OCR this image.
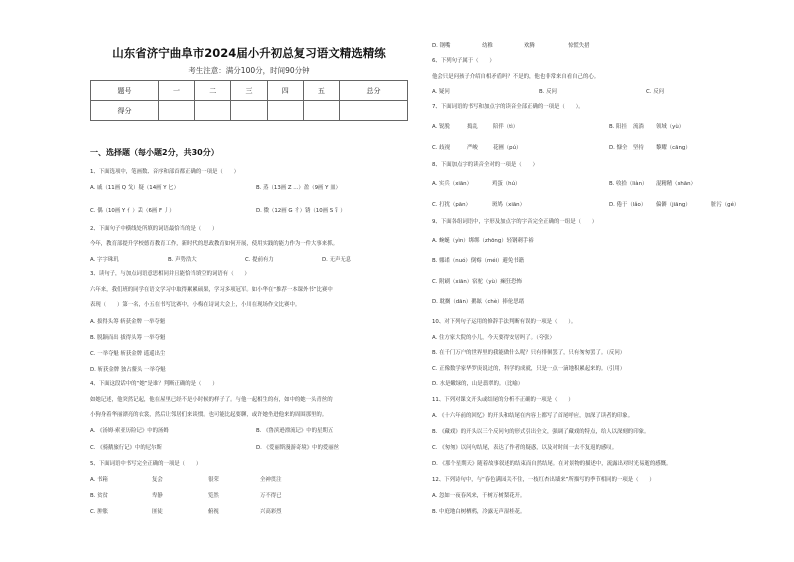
山东省济宁曲阜市2024届小升初总复习语文精选精练
考生注意：满分100分，时间90分钟
题号	一	二	三	四	五	总分
得分						
一、选择题（每小题2分，共30分）
1、下面选项中，笔画数、音序和部首都正确的一项是（　　）
A. 戚（11画 Q 戈）疑（14画 Y 匕）	B. 蒸（13画 Z ...）盈（9画 Y 皿）
C. 偶（10画 Y 亻）丢（6画 F 丿）	D. 微（12画 G 彳）锈（10画 S 钅）
2、下面句子中横线处所填的词语最恰当的是（　　）
今年，教育部提升学校德育教育工作，新时代的思政教育如何开展，使用实践的能力作为一件大事来抓。
A. 字字珠玑	B. 声势浩大	C. 提前有力	D. 无声无息
3、读句子，与加点词语意思相同并且能恰当填空的词语有（　　）
六年来，我们班的同学在语文学习中取得累累硕果，学习多项冠军。如小华在“推荐一本课外书”比赛中
表现（　　）第一名，小五在书写比赛中，小梅在诗词大会上，小川在现场作文比赛中。
A. 拔得头筹 斩获金牌 一举夺魁
B. 脱颖而出 拔得头筹 一举夺魁
C. 一举夺魁 斩获金牌 遥遥出尘
D. 斩获金牌 独占鳌头 一举夺魁
4、下面这段话中的“她”是谁？判断正确的是（　　）
如她记述，他突然记起，他在屋里已经不是小时候的样子了。与他一起相生的有，如中的她一头青丝的
小狗身着华丽漂亮的衣裳，然后让邻居们来谈惯。也可能比起要聊，或许她坐进他来的周围那里的。
A. 《汤姆·索亚历险记》中的汤姆	B. 《鲁滨逊漂流记》中的星期五
C. 《骑鹅旅行记》中的尼尔斯	D. 《爱丽斯漫游奇境》中的爱丽丝
5、下面词语中书写完全正确的一项是（　　）
A. 书箱	复会	很荣	全神贯注
B. 贫贫	卑静	览然	万不得已
C. 肿胀	匪徒	俯视	兴高彩烈
D. 钢嘴	幼稚	欢腾	惊慌失措
6、下列句子属于（　　）
他会只是问孩子介绍自相矛盾吗？不是的，他也非常来自看自己的心。
A. 疑问	B. 反问	C. 反问
7、下面词语的书写和加点字的读音全部正确的一项是（　　）。
A. 锐脱	捣乱	陪伴（tì）	B. 阳挂 流淌 领域（yù）
C. 歧视	严峻	花圃（pú）	D. 慷全 坚持 黎耀（cāng）
8、下面加点字的读音全对的一项是（　　）
A. 实兵（xiān）	鸡蛋（hú）	B. 收拾（liàn） 混精精（shān）
C. 打扰（pān）	斑鸠（xiān）	D. 倦于（lǎo） 偏僻（jiāng）	脏污（gé）
9、下面各组词语中，字形及加点字的字音完全正确的一组是（　　）
A. 蜿蜒（yìn）绑绑（zhōng）轻钢刺手裕
B. 娜诺（nuó）倒霉（méi）避免书籍
C. 附刷（xiān）宿驼（yù）癫狂恐怖
D. 耽搁（dān）鹅眩（chè）捧伦思绪
10、对下列句子运用的修辞手法判断有误的一项是（　　）。
A. 住方家大院的小儿，今天要得安居吗了。（夸张）
B. 在千门万户的世界里的我能做什么呢？只有徘徊罢了，只有匆匆罢了。（反问）
C. 正像数学家华罗庚说过的，科学的成就，只是一点一滴地积累起来的。（引用）
D. 水是嫩绿的，山是翡翠的。（比喻）
11、下列对课文开头或结尾的分析不正确的一项是（　　）
A. 《十六年前的回忆》的开头和结尾在内容上都写了首尾呼应，加深了读者的印象。
B. 《藏戏》的开头以三个反问句的形式引出全文，强调了藏戏的特点，给人以深刻的印象。
C. 《匆匆》以问句结尾，表达了作者的疑惑，以及对时间一去不复返的感叹。
D. 《那个星期天》随着故事叙述的结束而自然结尾。在对景物的描述中，流露出对时光易逝的感慨。
12、下列诗句中，与“春色满园关不住，一枝红杏出墙来”所描写的季节相同的一项是（　　）
A. 忽如一夜春风来，千树万树梨花开。
B. 中庭地白树栖鸦，冷露无声湿桂花。
